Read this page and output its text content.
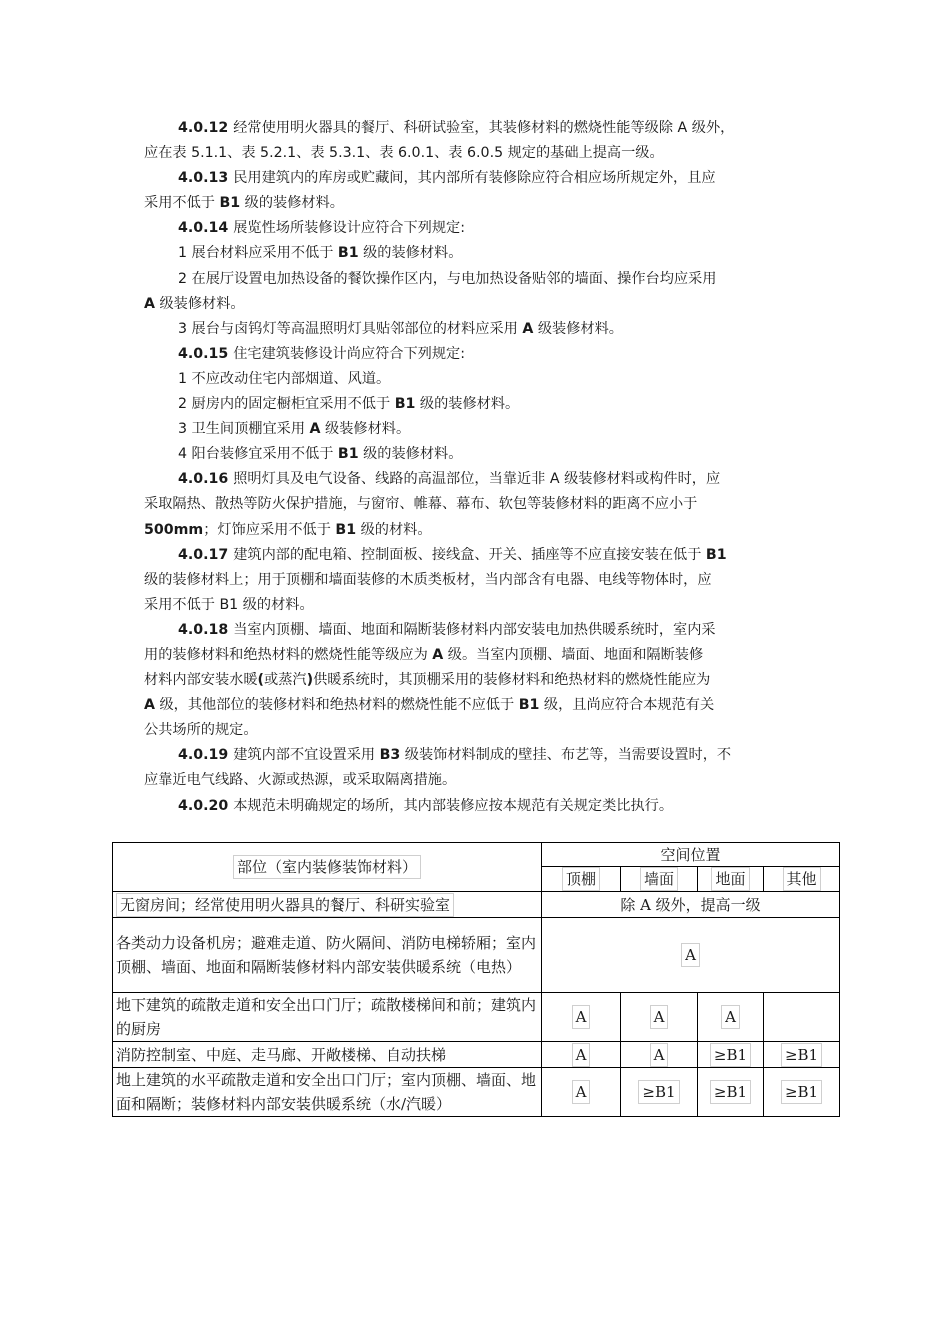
4.0.12 经常使用明火器具的餐厅、科研试验室，其装修材料的燃烧性能等级除 A 级外，
应在表 5.1.1、表 5.2.1、表 5.3.1、表 6.0.1、表 6.0.5 规定的基础上提高一级。
4.0.13 民用建筑内的库房或贮藏间，其内部所有装修除应符合相应场所规定外，且应
采用不低于 B1 级的装修材料。
4.0.14 展览性场所装修设计应符合下列规定:
1 展台材料应采用不低于 B1 级的装修材料。
2 在展厅设置电加热设备的餐饮操作区内，与电加热设备贴邻的墙面、操作台均应采用
A 级装修材料。
3 展台与卤钨灯等高温照明灯具贴邻部位的材料应采用 A 级装修材料。
4.0.15 住宅建筑装修设计尚应符合下列规定:
1 不应改动住宅内部烟道、风道。
2 厨房内的固定橱柜宜采用不低于 B1 级的装修材料。
3 卫生间顶棚宜采用 A 级装修材料。
4 阳台装修宜采用不低于 B1 级的装修材料。
4.0.16 照明灯具及电气设备、线路的高温部位，当靠近非 A 级装修材料或构件时，应
采取隔热、散热等防火保护措施，与窗帘、帷幕、幕布、软包等装修材料的距离不应小于
500mm；灯饰应采用不低于 B1 级的材料。
4.0.17 建筑内部的配电箱、控制面板、接线盒、开关、插座等不应直接安装在低于 B1
级的装修材料上；用于顶棚和墙面装修的木质类板材，当内部含有电器、电线等物体时，应
采用不低于 B1 级的材料。
4.0.18 当室内顶棚、墙面、地面和隔断装修材料内部安装电加热供暖系统时，室内采
用的装修材料和绝热材料的燃烧性能等级应为 A 级。当室内顶棚、墙面、地面和隔断装修
材料内部安装水暖(或蒸汽)供暖系统时，其顶棚采用的装修材料和绝热材料的燃烧性能应为
A 级，其他部位的装修材料和绝热材料的燃烧性能不应低于 B1 级，且尚应符合本规范有关
公共场所的规定。
4.0.19 建筑内部不宜设置采用 B3 级装饰材料制成的壁挂、布艺等，当需要设置时，不
应靠近电气线路、火源或热源，或采取隔离措施。
4.0.20 本规范未明确规定的场所，其内部装修应按本规范有关规定类比执行。
部位（室内装修装饰材料）	空间位置			
	顶棚	墙面	地面	其他
无窗房间；经常使用明火器具的餐厅、科研实验室	除 A 级外，提高一级			
各类动力设备机房；避难走道、防火隔间、消防电梯轿厢；室内顶棚、墙面、地面和隔断装修材料内部安装供暖系统（电热）	A			
地下建筑的疏散走道和安全出口门厅；疏散楼梯间和前；建筑内的厨房	A	A	A	
消防控制室、中庭、走马廊、开敞楼梯、自动扶梯	A	A	≥B1	≥B1
地上建筑的水平疏散走道和安全出口门厅；室内顶棚、墙面、地面和隔断；装修材料内部安装供暖系统（水/汽暖）	A	≥B1	≥B1	≥B1
